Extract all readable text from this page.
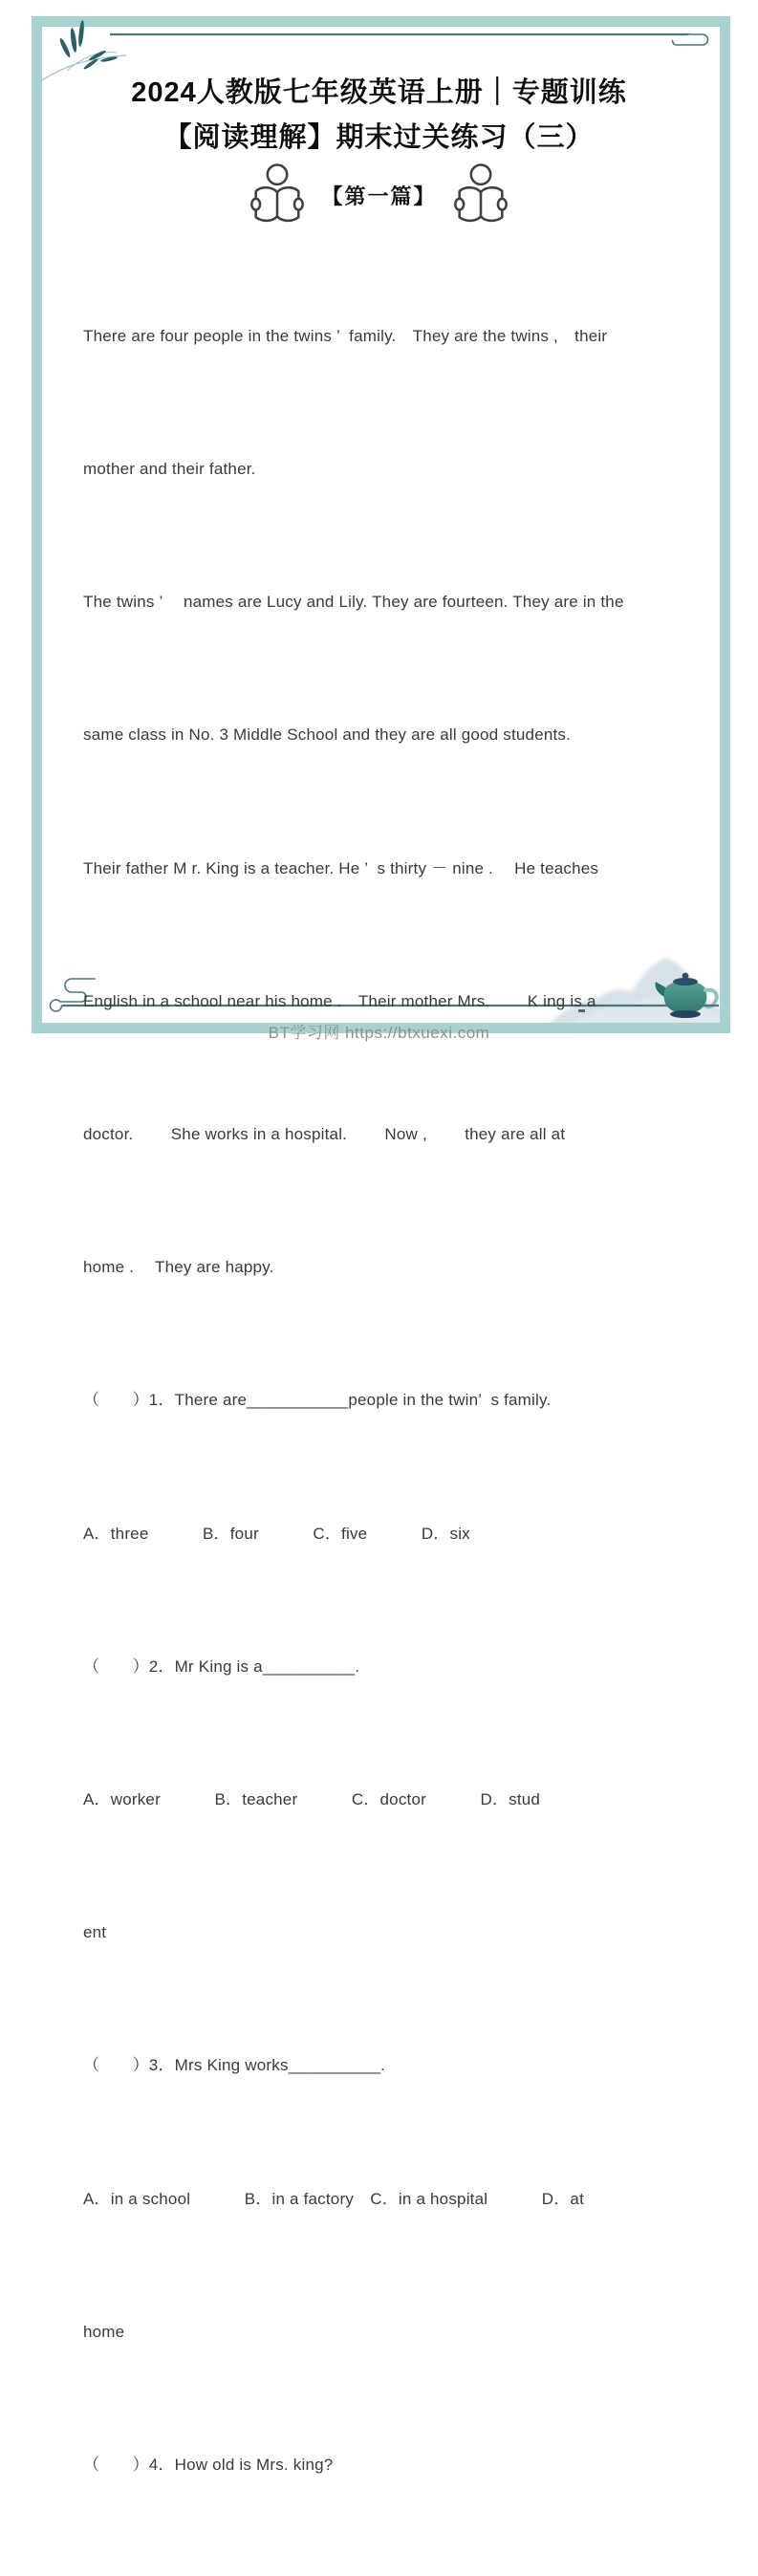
2024人教版七年级英语上册｜专题训练
【阅读理解】期末过关练习（三）
【第一篇】

There are four people in the twins ’  family.　They are the twins ,　their

mother and their father.

The twins ’　 names are Lucy and Lily. They are fourteen. They are in the

same class in No. 3 Middle School and they are all good students.

Their father M r. King is a teacher. He ’  s thirty － nine .　 He teaches

English in a school near his home .　Their mother Mrs.　　 K ing is a

doctor.　　 She works in a hospital.　　 Now ,　　 they are all at

home .　 They are happy.

（　　）1．There are___________people in the twin’  s family.

A．three　　　 B．four　　　 C．five　　　 D．six

（　　）2．Mr King is a__________.

A．worker　　　 B．teacher　　　 C．doctor　　　 D．stud

ent

（　　）3．Mrs King works__________.

A．in a school　　　 B．in a factory　C．in a hospital　　　 D．at

home

（　　）4．How old is Mrs. king?

BT学习网 https://btxuexi.com
